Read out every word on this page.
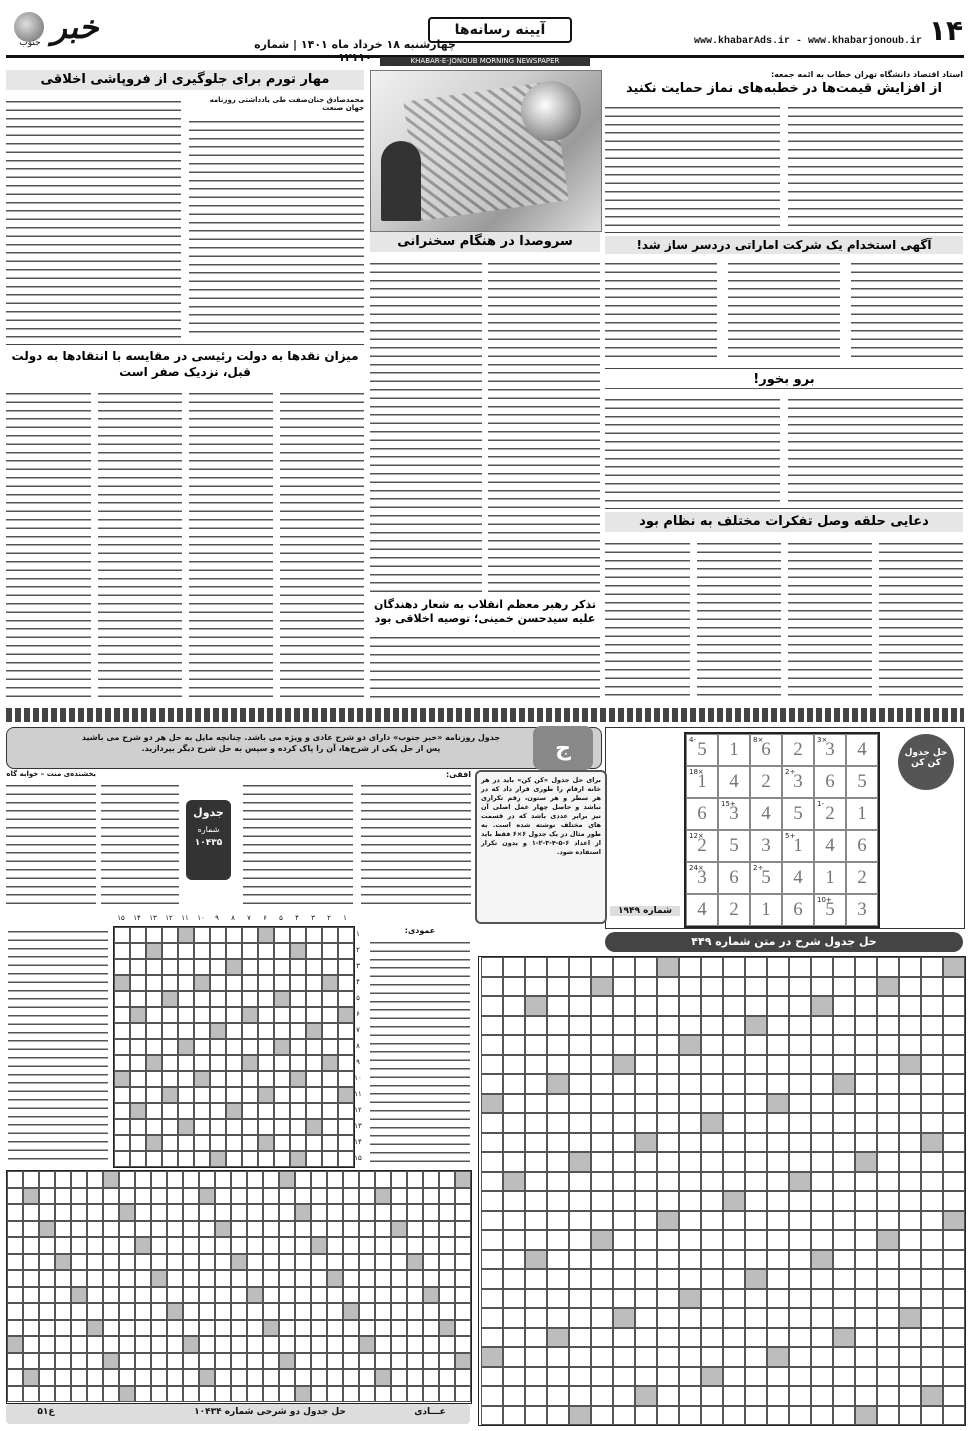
۱۴
www.khabarAds.ir - www.khabarjonoub.ir
آیینه رسانه‌ها
چهارشنبه ۱۸ خرداد ماه ۱۴۰۱ | شماره
خبر
جنوب
KHABAR-E-JONOUB MORNING NEWSPAPER
استاد اقتصاد دانشگاه تهران خطاب به ائمه جمعه:
از افزایش قیمت‌ها در خطبه‌های نماز حمایت نکنید
آگهی استخدام یک شرکت اماراتی دردسر ساز شد!
برو بخور!
دعایی حلقه وصل تفکرات مختلف به نظام بود
سروصدا در هنگام سخنرانی
تذکر رهبر معظم انقلاب به شعار دهندگان علیه سیدحسن خمینی؛ توصیه اخلاقی بود
مهار تورم برای جلوگیری از فروپاشی اخلاقی
محمدصادق جنان‌صفت طی یادداشتی روزنامه جهان صنعت
میزان نقدها به دولت رئیسی در مقایسه با انتقادها به دولت قبل، نزدیک صفر است
5
4- 1 6
8× 2 3
3× 4
1
18× 4 2 3
2÷ 6 5
6 3
15+ 4 5 2
1- 1
2
12× 5 3 1
5+ 4 6
3
24× 6 5
2÷ 4 1 2
4 2 1 6 5
10+ 3
حل جدول
کن کن
شماره ۱۹۴۹
جدول روزنامه «خبر جنوب» دارای دو شرح عادی و ویژه می باشد. چنانچه مایل به حل هر دو شرح می باشید پس از حل یکی از شرح‌ها، آن را پاک کرده و سپس به حل شرح دیگر بپردازید.	ج
برای حل جدول «کن کن» باید در هر خانه ارقام را طوری قرار داد که در هر سطر و هر ستون، رقم تکراری نباشد و حاصل چهار عمل اصلی آن نیز برابر عددی باشد که در قسمت های مختلف نوشته شده است. به طور مثال در یک جدول ۶×۶ فقط باید از اعداد ۶-۵-۴-۳-۲-۱ و بدون تکرار استفاده شود.
افقی:
جدول
شماره
۱۰۴۳۵
بخشنده‌ی منت – خوابه گاه
۱
۲
۳
۴
۵
۶
۷
۸
۹
۱۰
۱۱
۱۲
۱۳
۱۴
۱۵
۱
۲
۳
۴
۵
۶
۷
۸
۹
۱۰
۱۱
۱۲
۱۳
۱۴
۱۵
عمودی:
حل جدول دو شرحی شماره ۱۰۴۳۴	عـــادی
ع۵۱
حل جدول شرح در متن شماره ۴۴۹
